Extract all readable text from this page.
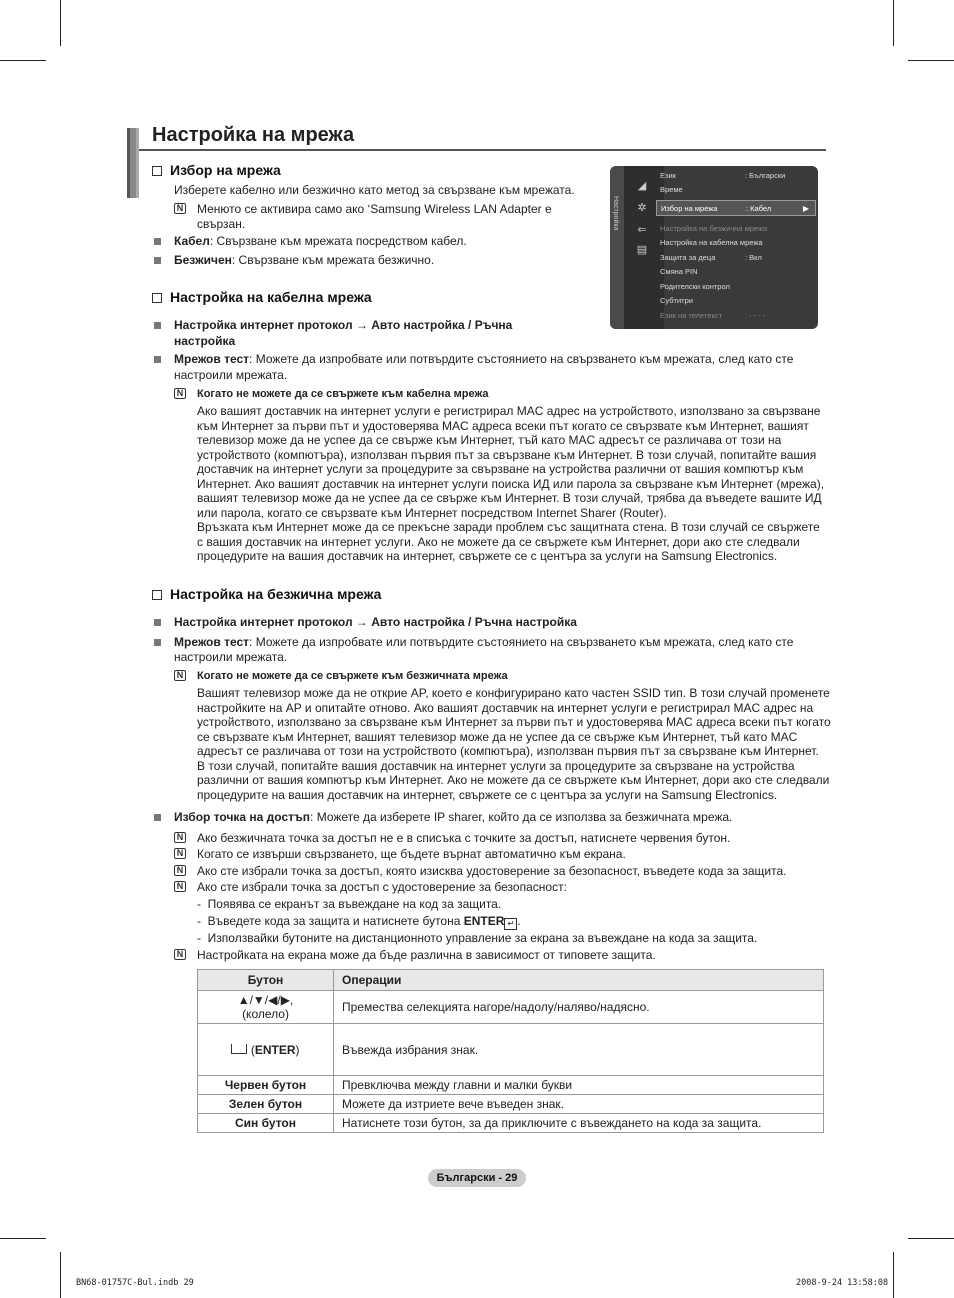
Настройка на мрежа
Избор на мрежа
Изберете кабелно или безжично като метод за свързване към мрежата.
N Менюто се активира само ако ‘Samsung Wireless LAN Adapter е свързан.
Кабел: Свързване към мрежата посредством кабел.
Безжичен: Свързване към мрежата безжично.
Настройка
◢
✲
⇐
▤
Език	: Български
Време
Избор на мрежа	: Кабел	▶
Настройка на безжична мрежа
Настройка на кабелна мрежа
Защита за деца	: Вкл
Смяна PIN
Родителски контрол
Субтитри
Език на телетекст	: - - - -
Настройка на кабелна мрежа
Настройка интернет протокол → Авто настройка / Ръчна
настройка
Мрежов тест: Можете да изпробвате или потвърдите състоянието на свързването към мрежата, след като сте
настроили мрежата.
N Когато не можете да се свържете към кабелна мрежа
Ако вашият доставчик на интернет услуги е регистрирал MAC адрес на устройството, използвано за свързване
към Интернет за първи път и удостоверява MAC адреса всеки път когато се свързвате към Интернет, вашият
телевизор може да не успее да се свърже към Интернет, тъй като MAC адресът се различава от този на
устройството (компютъра), използван първия път за свързване към Интернет. В този случай, попитайте вашия
доставчик на интернет услуги за процедурите за свързване на устройства различни от вашия компютър към
Интернет. Ако вашият доставчик на интернет услуги поиска ИД или парола за свързване към Интернет (мрежа),
вашият телевизор може да не успее да се свърже към Интернет. В този случай, трябва да въведете вашите ИД
или парола, когато се свързвате към Интернет посредством Internet Sharer (Router).
Връзката към Интернет може да се прекъсне заради проблем със защитната стена. В този случай се свържете
с вашия доставчик на интернет услуги. Ако не можете да се свържете към Интернет, дори ако сте следвали
процедурите на вашия доставчик на интернет, свържете се с центъра за услуги на Samsung Electronics.
Настройка на безжична мрежа
Настройка интернет протокол → Авто настройка / Ръчна настройка
Мрежов тест: Можете да изпробвате или потвърдите състоянието на свързването към мрежата, след като сте
настроили мрежата.
N Когато не можете да се свържете към безжичната мрежа
Вашият телевизор може да не открие AP, което е конфигурирано като частен SSID тип. В този случай променете
настройките на AP и опитайте отново. Ако вашият доставчик на интернет услуги е регистрирал MAC адрес на
устройството, използвано за свързване към Интернет за първи път и удостоверява MAC адреса всеки път когато
се свързвате към Интернет, вашият телевизор може да не успее да се свърже към Интернет, тъй като MAC
адресът се различава от този на устройството (компютъра), използван първия път за свързване към Интернет.
В този случай, попитайте вашия доставчик на интернет услуги за процедурите за свързване на устройства
различни от вашия компютър към Интернет. Ако не можете да се свържете към Интернет, дори ако сте следвали
процедурите на вашия доставчик на интернет, свържете се с центъра за услуги на Samsung Electronics.
Избор точка на достъп: Можете да изберете IP sharer, който да се използва за безжичната мрежа.
N Ако безжичната точка за достъп не е в списъка с точките за достъп, натиснете червения бутон.
N Когато се извърши свързването, ще бъдете върнат автоматично към екрана.
N Ако сте избрали точка за достъп, която изисква удостоверение за безопасност, въведете кода за защита.
N Ако сте избрали точка за достъп с удостоверение за безопасност:
-  Появява се екранът за въвеждане на код за защита.
-  Въведете кода за защита и натиснете бутона ENTER ↵ .
-  Използвайки бутоните на дистанционното управление за екрана за въвеждане на кода за защита.
N Настройката на екрана може да бъде различна в зависимост от типовете защита.
Бутон	Операции

▲/▼/◀/▶,
(колело)	Премества селекцията нагоре/надолу/наляво/надясно.
(ENTER)	Въвежда избрания знак.
Червен бутон	Превключва между главни и малки букви
Зелен бутон	Можете да изтриете вече въведен знак.
Син бутон	Натиснете този бутон, за да приключите с въвеждането на кода за защита.
Български - 29
BN68-01757C-Bul.indb 29	2008-9-24 13:58:08
